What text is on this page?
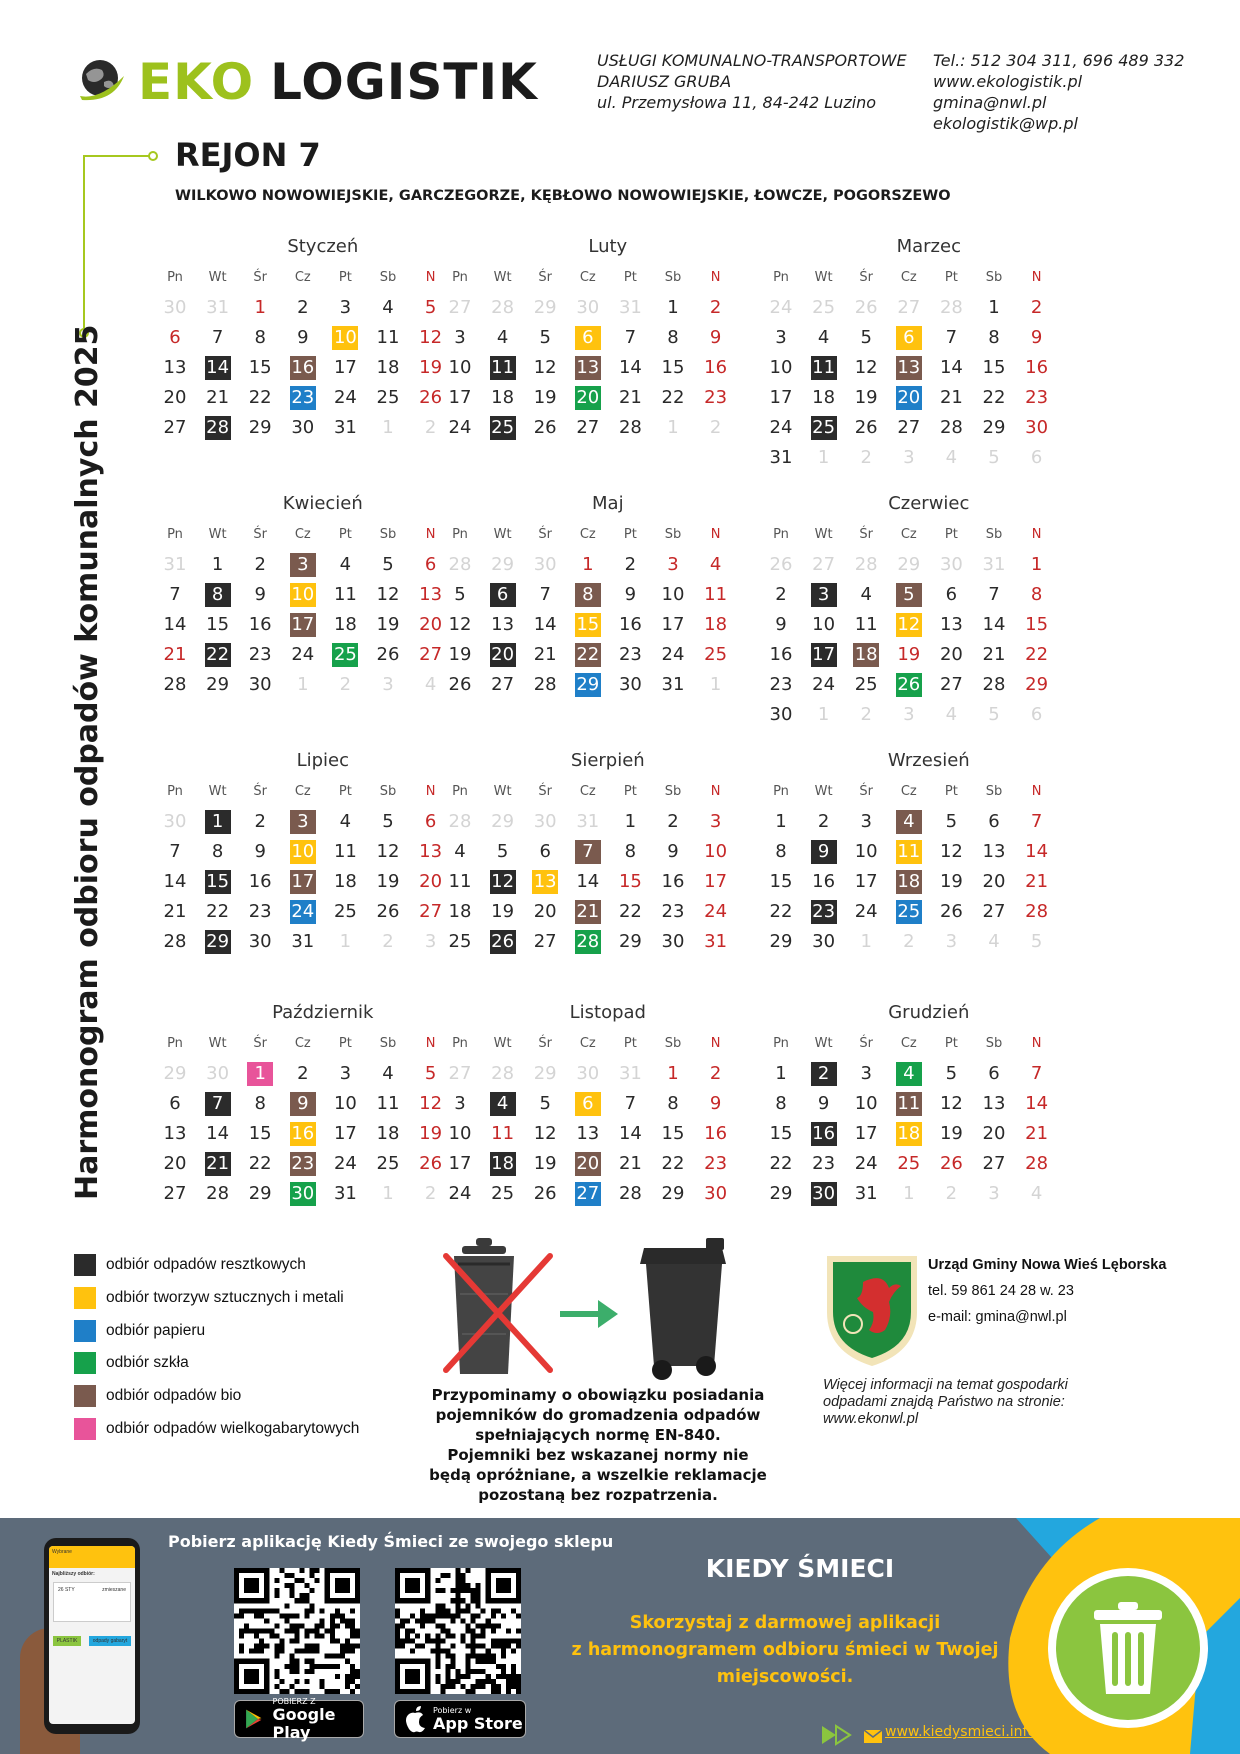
EKO LOGISTIK	USŁUGI KOMUNALNO-TRANSPORTOWE
DARIUSZ GRUBA
ul. Przemysłowa 11, 84-242 Luzino
Tel.: 512 304 311, 696 489 332
www.ekologistik.pl
gmina@nwl.pl
ekologistik@wp.pl
REJON 7
WILKOWO NOWOWIEJSKIE, GARCZEGORZE, KĘBŁOWO NOWOWIEJSKIE, ŁOWCZE, POGORSZEWO
Harmonogram odbioru odpadów komunalnych 2025
Styczeń
Pn	Wt	Śr	Cz	Pt	Sb	N
30	31	1	2	3	4	5
6	7	8	9	10	11	12
13	14	15	16	17	18	19
20	21	22	23	24	25	26
27	28	29	30	31	1	2
Luty
Pn	Wt	Śr	Cz	Pt	Sb	N
27	28	29	30	31	1	2
3	4	5	6	7	8	9
10	11	12	13	14	15	16
17	18	19	20	21	22	23
24	25	26	27	28	1	2
Marzec
Pn	Wt	Śr	Cz	Pt	Sb	N
24	25	26	27	28	1	2
3	4	5	6	7	8	9
10	11	12	13	14	15	16
17	18	19	20	21	22	23
24	25	26	27	28	29	30
31	1	2	3	4	5	6
Kwiecień
Pn	Wt	Śr	Cz	Pt	Sb	N
31	1	2	3	4	5	6
7	8	9	10	11	12	13
14	15	16	17	18	19	20
21	22	23	24	25	26	27
28	29	30	1	2	3	4
Maj
Pn	Wt	Śr	Cz	Pt	Sb	N
28	29	30	1	2	3	4
5	6	7	8	9	10	11
12	13	14	15	16	17	18
19	20	21	22	23	24	25
26	27	28	29	30	31	1
Czerwiec
Pn	Wt	Śr	Cz	Pt	Sb	N
26	27	28	29	30	31	1
2	3	4	5	6	7	8
9	10	11	12	13	14	15
16	17	18	19	20	21	22
23	24	25	26	27	28	29
30	1	2	3	4	5	6
Lipiec
Pn	Wt	Śr	Cz	Pt	Sb	N
30	1	2	3	4	5	6
7	8	9	10	11	12	13
14	15	16	17	18	19	20
21	22	23	24	25	26	27
28	29	30	31	1	2	3
Sierpień
Pn	Wt	Śr	Cz	Pt	Sb	N
28	29	30	31	1	2	3
4	5	6	7	8	9	10
11	12	13	14	15	16	17
18	19	20	21	22	23	24
25	26	27	28	29	30	31
Wrzesień
Pn	Wt	Śr	Cz	Pt	Sb	N
1	2	3	4	5	6	7
8	9	10	11	12	13	14
15	16	17	18	19	20	21
22	23	24	25	26	27	28
29	30	1	2	3	4	5
Październik
Pn	Wt	Śr	Cz	Pt	Sb	N
29	30	1	2	3	4	5
6	7	8	9	10	11	12
13	14	15	16	17	18	19
20	21	22	23	24	25	26
27	28	29	30	31	1	2
Listopad
Pn	Wt	Śr	Cz	Pt	Sb	N
27	28	29	30	31	1	2
3	4	5	6	7	8	9
10	11	12	13	14	15	16
17	18	19	20	21	22	23
24	25	26	27	28	29	30
Grudzień
Pn	Wt	Śr	Cz	Pt	Sb	N
1	2	3	4	5	6	7
8	9	10	11	12	13	14
15	16	17	18	19	20	21
22	23	24	25	26	27	28
29	30	31	1	2	3	4
odbiór odpadów resztkowych
odbiór tworzyw sztucznych i metali
odbiór papieru
odbiór szkła
odbiór odpadów bio
odbiór odpadów wielkogabarytowych
Przypominamy o obowiązku posiadania
pojemników do gromadzenia odpadów
spełniających normę EN-840.
Pojemniki bez wskazanej normy nie
będą opróżniane, a wszelkie reklamacje
pozostaną bez rozpatrzenia.
Urząd Gminy Nowa Wieś Lęborska
tel. 59 861 24 28 w. 23
e-mail: gmina@nwl.pl
Więcej informacji na temat gospodarki odpadami znajdą Państwo na stronie: www.ekonwl.pl
Wybrane
Najbliższy odbiór:
26 STY	zmieszane
PLASTIK	odpady gabaryt
Pobierz aplikację Kiedy Śmieci ze swojego sklepu
POBIERZ Z
Google Play
Pobierz w
App Store
KIEDY ŚMIECI
Skorzystaj z darmowej aplikacji
z harmonogramem odbioru śmieci w Twojej
miejscowości.
www.kiedysmieci.info
